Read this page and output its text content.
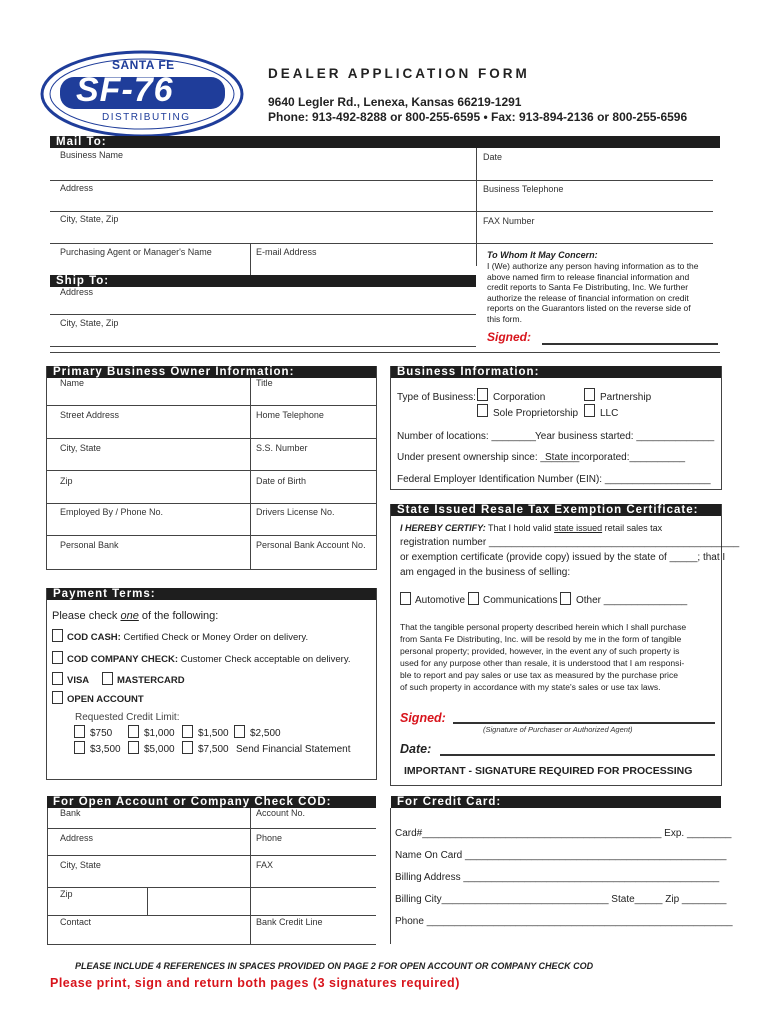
SANTA FE
SF-76
DISTRIBUTING
DEALER APPLICATION FORM
9640 Legler Rd., Lenexa, Kansas 66219-1291
Phone: 913-492-8288 or 800-255-6595 • Fax: 913-894-2136 or 800-255-6596
Mail To:
Business Name	Date
Address	Business Telephone
City, State, Zip	FAX Number
Purchasing Agent or Manager's Name	E-mail Address	To Whom It May Concern:
I (We) authorize any person having information as to the
above named firm to release financial information and
credit reports to Santa Fe Distributing, Inc. We further
authorize the release of financial information on credit
reports on the Guarantors listed on the reverse side of
this form.
Signed:
Ship To:
Address
City, State, Zip
Primary Business Owner Information:
Name	Title
Street Address	Home Telephone
City, State	S.S. Number
Zip	Date of Birth
Employed By / Phone No.	Drivers License No.
Personal Bank	Personal Bank Account No.
Business Information:
Type of Business: Corporation	Partnership
Sole Proprietorship LLC
Number of locations: ________ Year business started: ______________
Under present ownership since: _______
State incorporated:__________
Federal Employer Identification Number (EIN): ___________________
State Issued Resale Tax Exemption Certificate:
I HEREBY CERTIFY: That I hold valid state issued retail sales tax
registration number _____________________________________________
or exemption certificate (provide copy) issued by the state of _____; that I
am engaged in the business of selling:
Automotive Communications Other _______________
That the tangible personal property described herein which I shall purchase
from Santa Fe Distributing, Inc. will be resold by me in the form of tangible
personal property; provided, however, in the event any of such property is
used for any purpose other than resale, it is understood that I am responsi-
ble to report and pay sales or use tax as measured by the purchase price
of such property in accordance with my state's sales or use tax laws.
Signed:
(Signature of Purchaser or Authorized Agent)
Date:
IMPORTANT - SIGNATURE REQUIRED FOR PROCESSING
Payment Terms:
Please check one of the following:
COD CASH: Certified Check or Money Order on delivery.
COD COMPANY CHECK: Customer Check acceptable on delivery.
VISA	MASTERCARD
OPEN ACCOUNT
Requested Credit Limit:
$750	$1,000 $1,500 $2,500
$3,500 $5,000 $7,500 Send Financial Statement
For Open Account or Company Check COD:
Bank	Account No.
Address	Phone
City, State	FAX
Zip
Contact	Bank Credit Line
For Credit Card:
Card#___________________________________________ Exp. ________
Name On Card _______________________________________________
Billing Address ______________________________________________
Billing City______________________________ State_____ Zip ________
Phone _______________________________________________________
PLEASE INCLUDE 4 REFERENCES IN SPACES PROVIDED ON PAGE 2 FOR OPEN ACCOUNT OR COMPANY CHECK COD
Please print, sign and return both pages (3 signatures required)
